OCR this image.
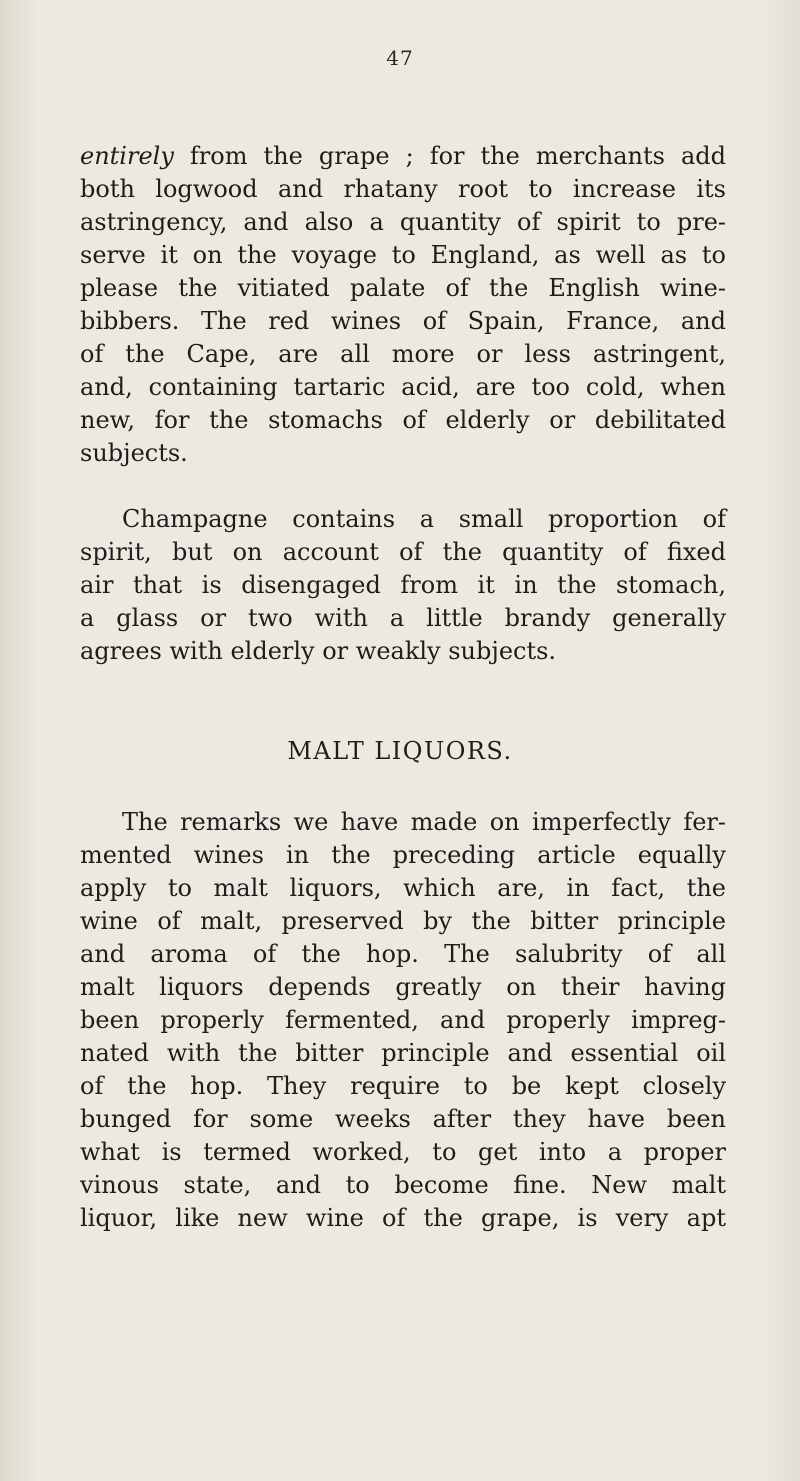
47
entirely from the grape ; for the merchants add
both logwood and rhatany root to increase its
astringency, and also a quantity of spirit to pre-
serve it on the voyage to England, as well as to
please the vitiated palate of the English wine-
bibbers. The red wines of Spain, France, and
of the Cape, are all more or less astringent,
and, containing tartaric acid, are too cold, when
new, for the stomachs of elderly or debilitated
subjects.
Champagne contains a small proportion of
spirit, but on account of the quantity of fixed
air that is disengaged from it in the stomach,
a glass or two with a little brandy generally
agrees with elderly or weakly subjects.
MALT LIQUORS.
The remarks we have made on imperfectly fer-
mented wines in the preceding article equally
apply to malt liquors, which are, in fact, the
wine of malt, preserved by the bitter principle
and aroma of the hop. The salubrity of all
malt liquors depends greatly on their having
been properly fermented, and properly impreg-
nated with the bitter principle and essential oil
of the hop. They require to be kept closely
bunged for some weeks after they have been
what is termed worked, to get into a proper
vinous state, and to become fine. New malt
liquor, like new wine of the grape, is very apt
